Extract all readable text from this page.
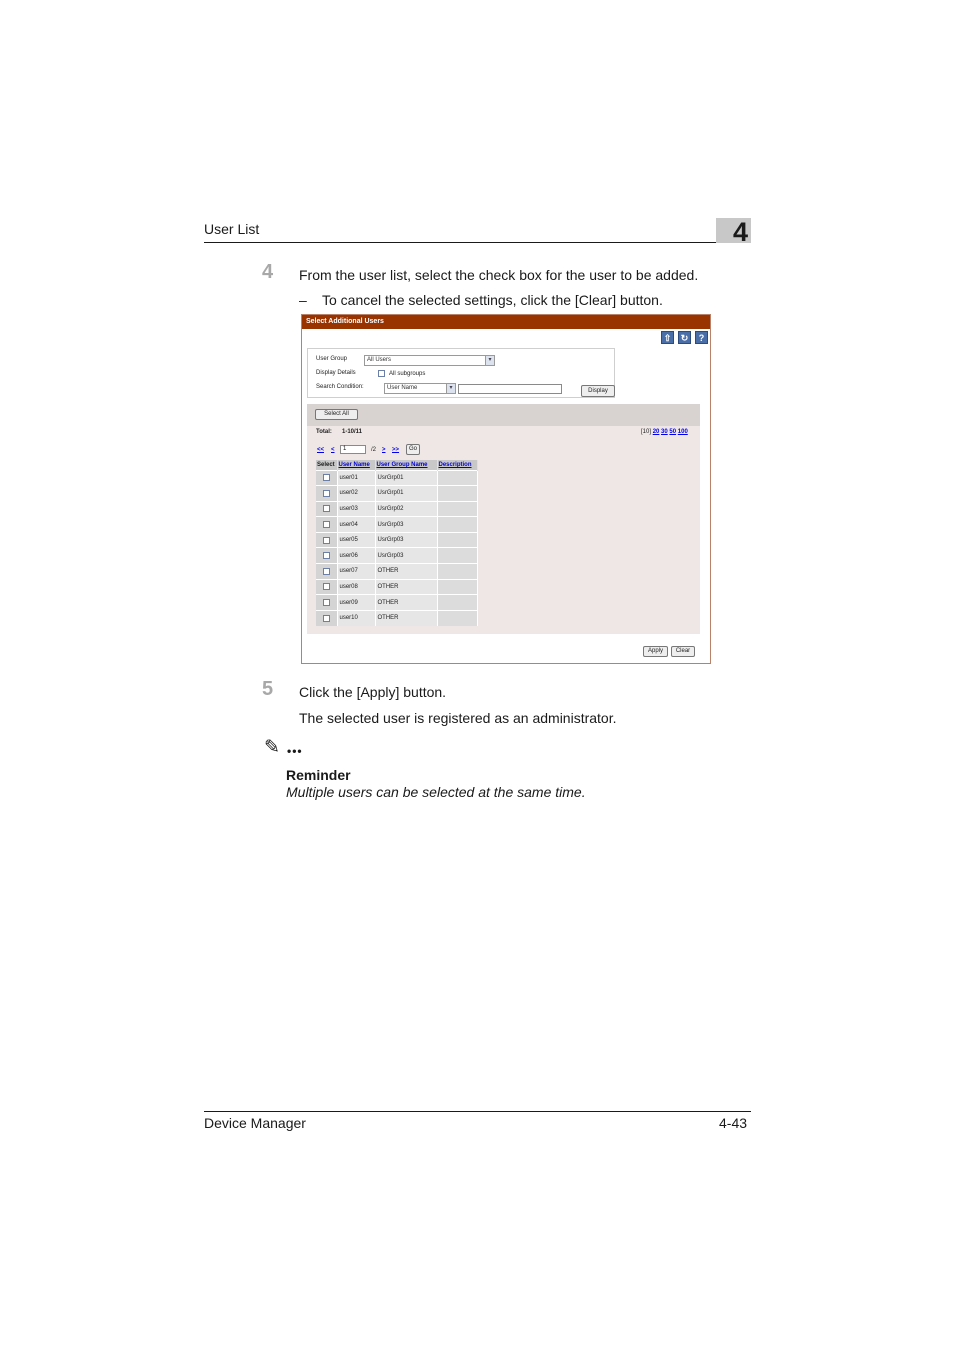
User List	4
4 From the user list, select the check box for the user to be added.
– To cancel the selected settings, click the [Clear] button.
Select Additional Users
⇧	↻	?
User Group	All Users	▾
Display Details	All subgroups
Search Condition:	User Name	▾	Display
Select All
Total: 1-10/11	[10] 20 30 50 100
<< <	1	/2 > >>	Go
Select	User Name	User Group Name	Description
	user01	UsrGrp01	
	user02	UsrGrp01	
	user03	UsrGrp02	
	user04	UsrGrp03	
	user05	UsrGrp03	
	user06	UsrGrp03	
	user07	OTHER	
	user08	OTHER	
	user09	OTHER	
	user10	OTHER	
Apply	Clear
5 Click the [Apply] button.
The selected user is registered as an administrator.
✎ •••
Reminder
Multiple users can be selected at the same time.
Device Manager	4-43
